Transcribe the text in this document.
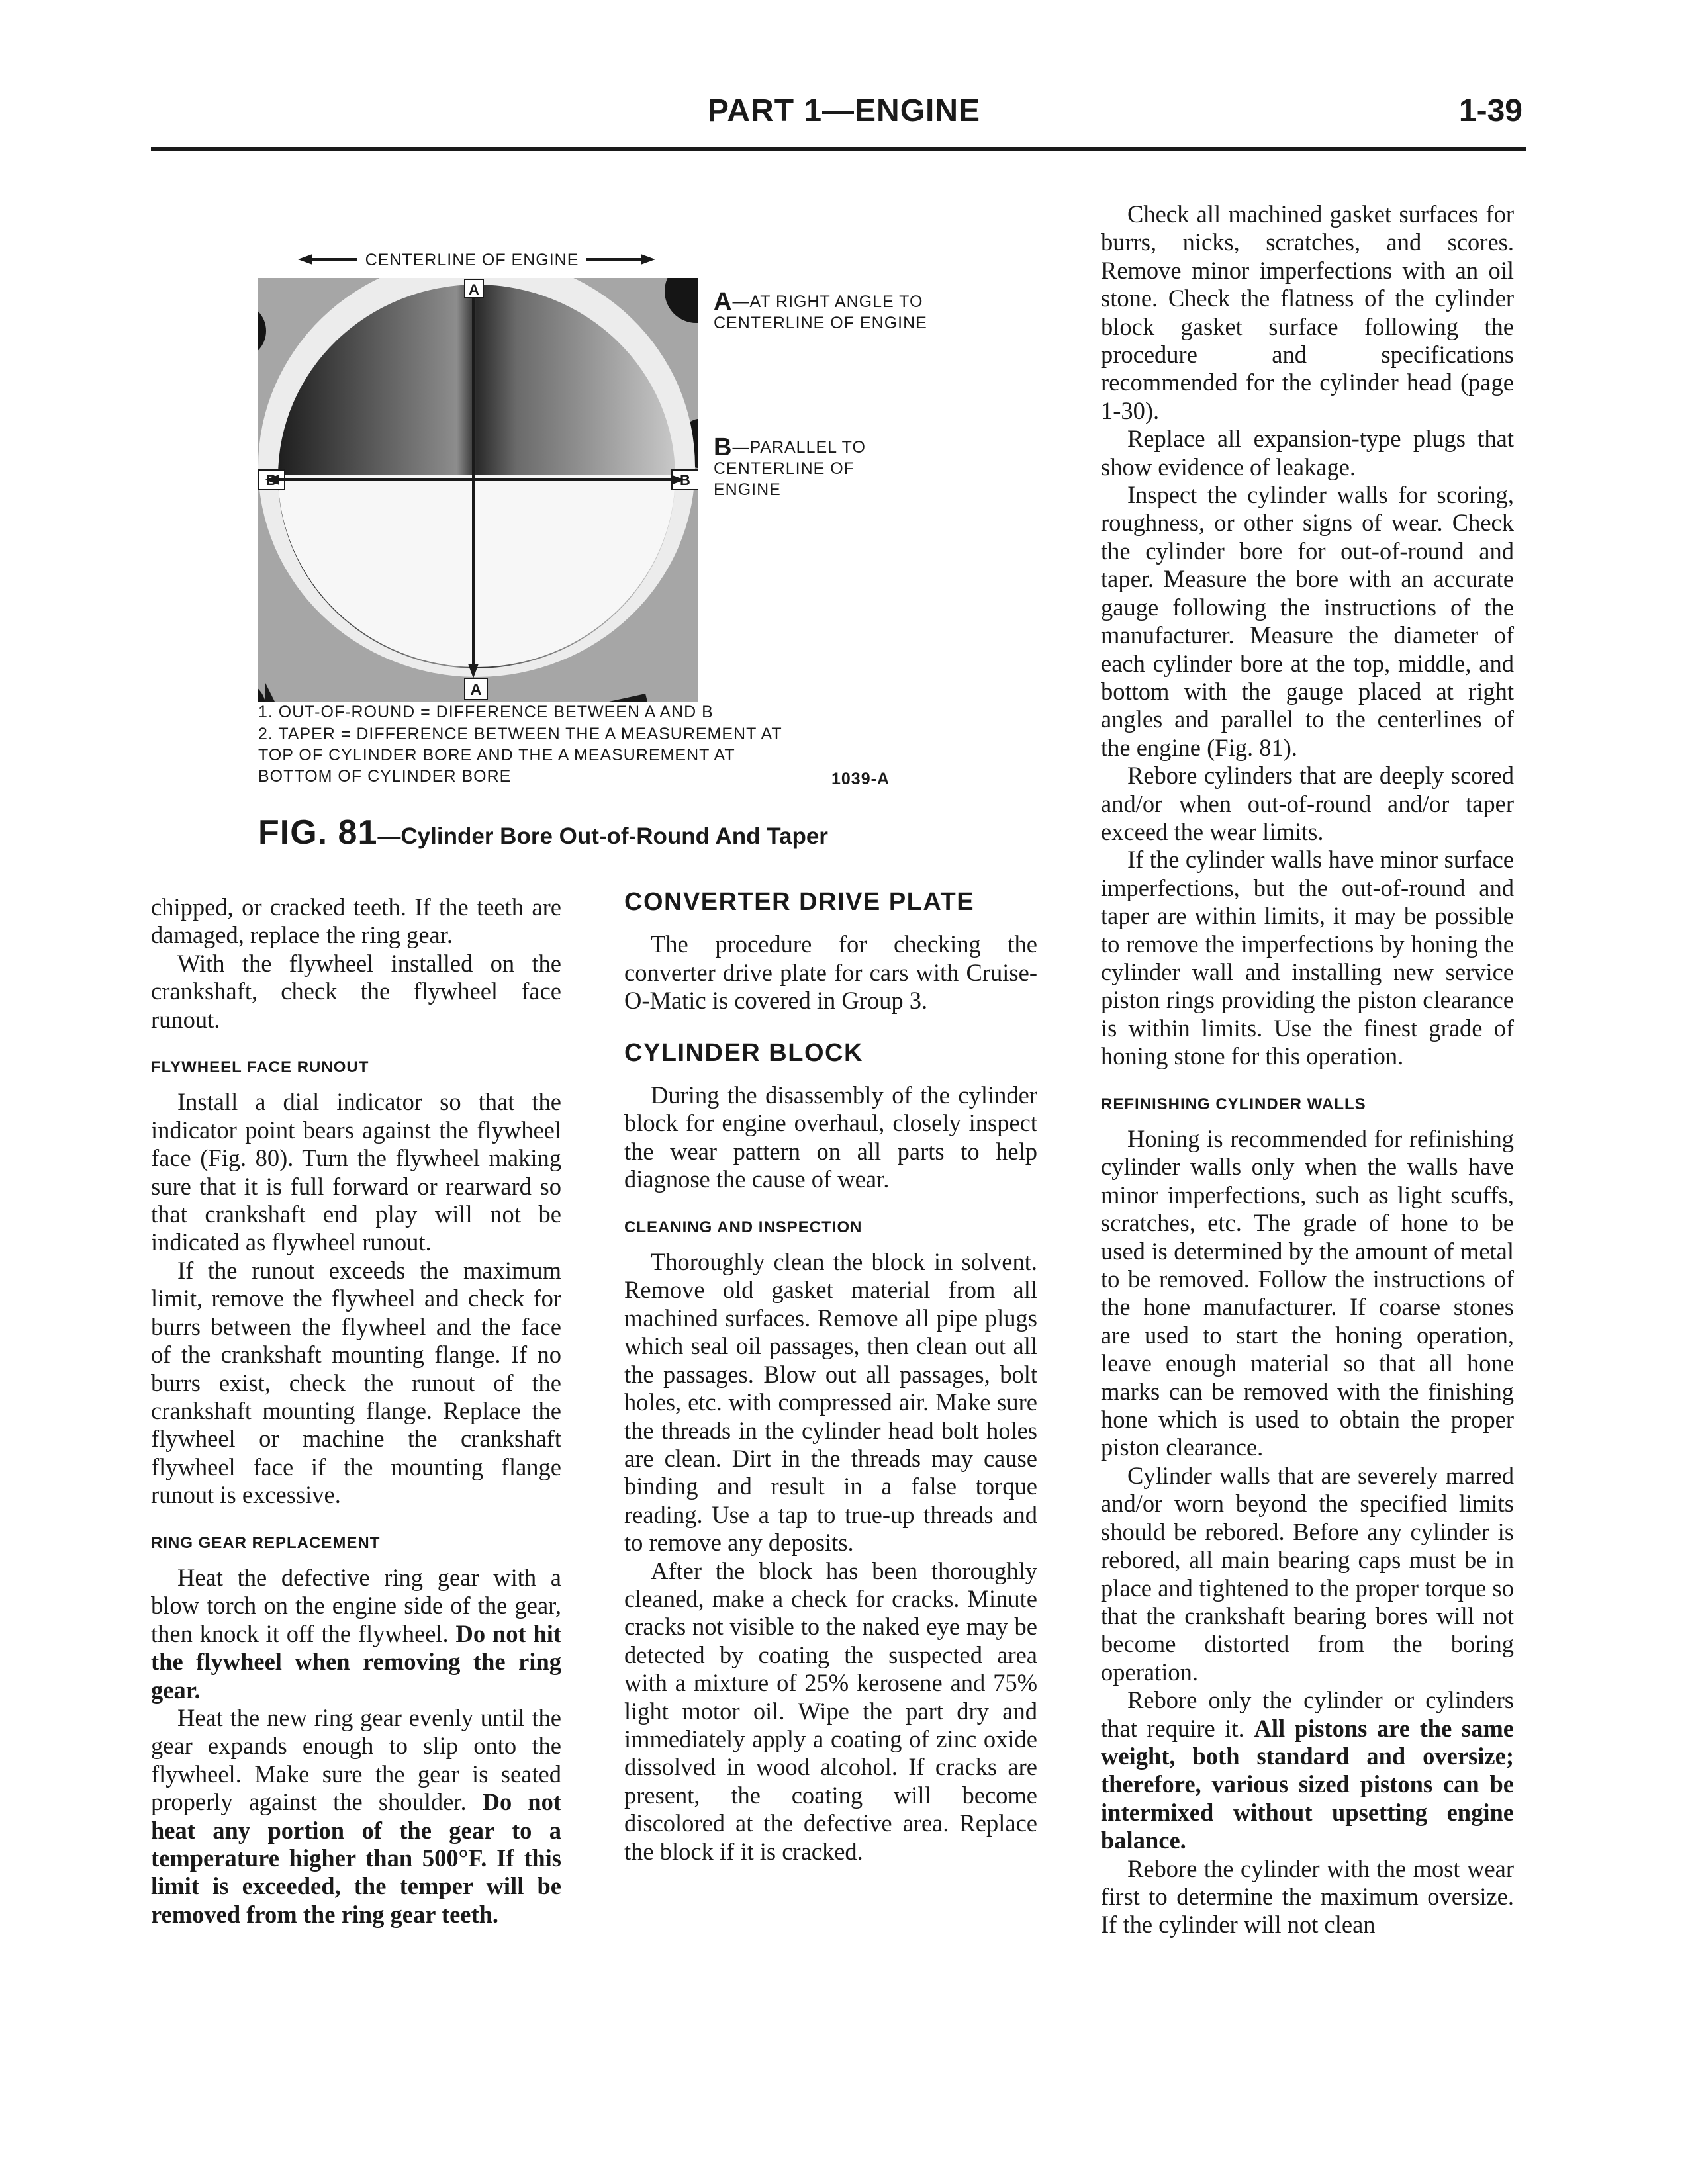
PART 1—ENGINE	1-39
CENTERLINE OF ENGINE
A
A
B	B
A—AT RIGHT ANGLE TO CENTERLINE OF ENGINE
B—PARALLEL TO CENTERLINE OF ENGINE
1. OUT-OF-ROUND = DIFFERENCE BETWEEN A AND B
2. TAPER = DIFFERENCE BETWEEN THE A MEASUREMENT AT TOP OF CYLINDER BORE AND THE A MEASUREMENT AT BOTTOM OF CYLINDER BORE	1039-A
FIG. 81—Cylinder Bore Out-of-Round And Taper

chipped, or cracked teeth. If the teeth are damaged, replace the ring gear.

With the flywheel installed on the crankshaft, check the flywheel face runout.

FLYWHEEL FACE RUNOUT

Install a dial indicator so that the indicator point bears against the flywheel face (Fig. 80). Turn the flywheel making sure that it is full forward or rearward so that crankshaft end play will not be indicated as flywheel runout.

If the runout exceeds the maximum limit, remove the flywheel and check for burrs between the flywheel and the face of the crankshaft mounting flange. If no burrs exist, check the runout of the crankshaft mounting flange. Replace the flywheel or machine the crankshaft flywheel face if the mounting flange runout is excessive.

RING GEAR REPLACEMENT

Heat the defective ring gear with a blow torch on the engine side of the gear, then knock it off the flywheel. Do not hit the flywheel when removing the ring gear.

Heat the new ring gear evenly until the gear expands enough to slip onto the flywheel. Make sure the gear is seated properly against the shoulder. Do not heat any portion of the gear to a temperature higher than 500°F. If this limit is exceeded, the temper will be removed from the ring gear teeth.

CONVERTER DRIVE PLATE

The procedure for checking the converter drive plate for cars with Cruise-O-Matic is covered in Group 3.

CYLINDER BLOCK

During the disassembly of the cylinder block for engine overhaul, closely inspect the wear pattern on all parts to help diagnose the cause of wear.

CLEANING AND INSPECTION

Thoroughly clean the block in solvent. Remove old gasket material from all machined surfaces. Remove all pipe plugs which seal oil passages, then clean out all the passages. Blow out all passages, bolt holes, etc. with compressed air. Make sure the threads in the cylinder head bolt holes are clean. Dirt in the threads may cause binding and result in a false torque reading. Use a tap to true-up threads and to remove any deposits.

After the block has been thoroughly cleaned, make a check for cracks. Minute cracks not visible to the naked eye may be detected by coating the suspected area with a mixture of 25% kerosene and 75% light motor oil. Wipe the part dry and immediately apply a coating of zinc oxide dissolved in wood alcohol. If cracks are present, the coating will become discolored at the defective area. Replace the block if it is cracked.

Check all machined gasket surfaces for burrs, nicks, scratches, and scores. Remove minor imperfections with an oil stone. Check the flatness of the cylinder block gasket surface following the procedure and specifications recommended for the cylinder head (page 1-30).

Replace all expansion-type plugs that show evidence of leakage.

Inspect the cylinder walls for scoring, roughness, or other signs of wear. Check the cylinder bore for out-of-round and taper. Measure the bore with an accurate gauge following the instructions of the manufacturer. Measure the diameter of each cylinder bore at the top, middle, and bottom with the gauge placed at right angles and parallel to the centerlines of the engine (Fig. 81).

Rebore cylinders that are deeply scored and/or when out-of-round and/or taper exceed the wear limits.

If the cylinder walls have minor surface imperfections, but the out-of-round and taper are within limits, it may be possible to remove the imperfections by honing the cylinder wall and installing new service piston rings providing the piston clearance is within limits. Use the finest grade of honing stone for this operation.

REFINISHING CYLINDER WALLS

Honing is recommended for refinishing cylinder walls only when the walls have minor imperfections, such as light scuffs, scratches, etc. The grade of hone to be used is determined by the amount of metal to be removed. Follow the instructions of the hone manufacturer. If coarse stones are used to start the honing operation, leave enough material so that all hone marks can be removed with the finishing hone which is used to obtain the proper piston clearance.

Cylinder walls that are severely marred and/or worn beyond the specified limits should be rebored. Before any cylinder is rebored, all main bearing caps must be in place and tightened to the proper torque so that the crankshaft bearing bores will not become distorted from the boring operation.

Rebore only the cylinder or cylinders that require it. All pistons are the same weight, both standard and oversize; therefore, various sized pistons can be intermixed without upsetting engine balance.

Rebore the cylinder with the most wear first to determine the maximum oversize. If the cylinder will not clean
